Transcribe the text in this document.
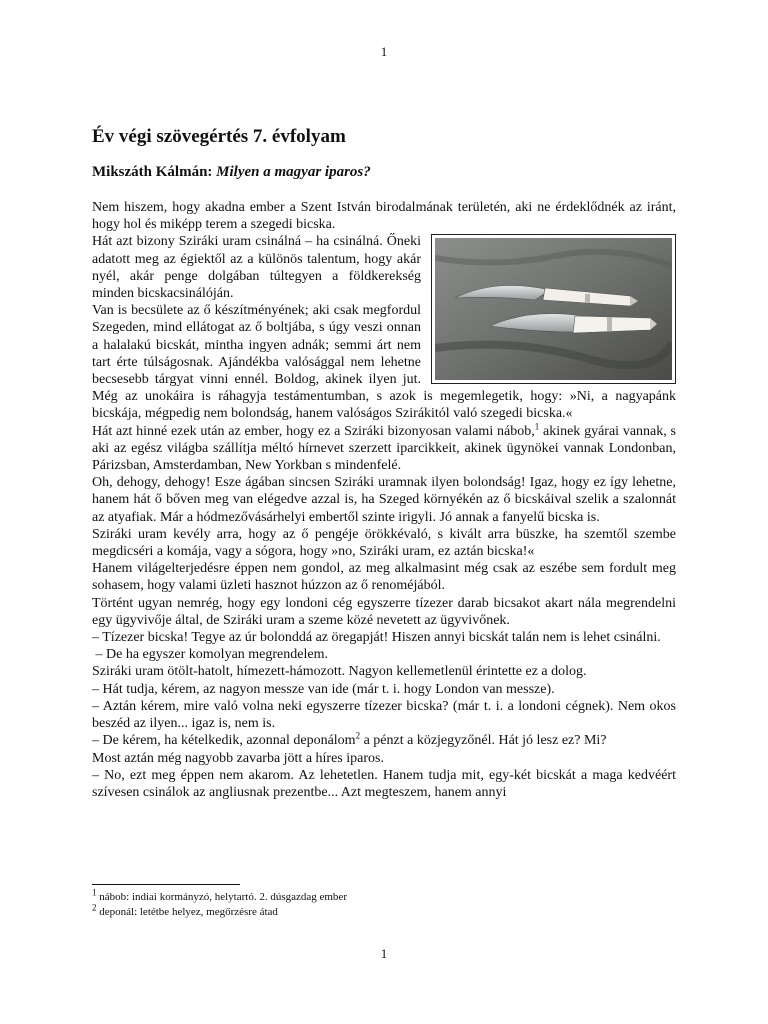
1
Év végi szövegértés 7. évfolyam
Mikszáth Kálmán: Milyen a magyar iparos?

Nem hiszem, hogy akadna ember a Szent István birodalmának területén, aki ne érdeklődnék az iránt, hogy hol és miképp terem a szegedi bicska.

Hát azt bizony Sziráki uram csinálná – ha csinálná. Őneki adatott meg az égiektől az a különös talentum, hogy akár nyél, akár penge dolgában túltegyen a földkerekség minden bicskacsinálóján.

Van is becsülete az ő készítményének; aki csak megfordul Szegeden, mind ellátogat az ő boltjába, s úgy veszi onnan a halalakú bicskát, mintha ingyen adnák; semmi árt nem tart érte túlságosnak. Ajándékba valósággal nem lehetne becsesebb tárgyat vinni ennél. Boldog, akinek ilyen jut. Még az unokáira is ráhagyja testámentumban, s azok is megemlegetik, hogy: »Ni, a nagyapánk bicskája, mégpedig nem bolondság, hanem valóságos Szirákitól való szegedi bicska.«

Hát azt hinné ezek után az ember, hogy ez a Sziráki bizonyosan valami nábob,$^1$ akinek gyárai vannak, s aki az egész világba szállítja méltó hírnevet szerzett iparcikkeit, akinek ügynökei vannak Londonban, Párizsban, Amsterdamban, New Yorkban s mindenfelé.

Oh, dehogy, dehogy! Esze ágában sincsen Sziráki uramnak ilyen bolondság! Igaz, hogy ez így lehetne, hanem hát ő bőven meg van elégedve azzal is, ha Szeged környékén az ő bicskáival szelik a szalonnát az atyafiak. Már a hódmezővásárhelyi embertől szinte irigyli. Jó annak a fanyelű bicska is.

Sziráki uram kevély arra, hogy az ő pengéje örökkévaló, s kivált arra büszke, ha szemtől szembe megdicséri a komája, vagy a sógora, hogy »no, Sziráki uram, ez aztán bicska!«

Hanem világelterjedésre éppen nem gondol, az meg alkalmasint még csak az eszébe sem fordult meg sohasem, hogy valami üzleti hasznot húzzon az ő renoméjából.

Történt ugyan nemrég, hogy egy londoni cég egyszerre tízezer darab bicsakot akart nála megrendelni egy ügyvivője által, de Sziráki uram a szeme közé nevetett az ügyvivőnek.

– Tízezer bicska! Tegye az úr bolonddá az öregapját! Hiszen annyi bicskát talán nem is lehet csinálni.

– De ha egyszer komolyan megrendelem.

Sziráki uram ötölt-hatolt, hímezett-hámozott. Nagyon kellemetlenül érintette ez a dolog.

– Hát tudja, kérem, az nagyon messze van ide (már t. i. hogy London van messze).

– Aztán kérem, mire való volna neki egyszerre tízezer bicska? (már t. i. a londoni cégnek). Nem okos beszéd az ilyen... igaz is, nem is.

– De kérem, ha kételkedik, azonnal deponálom$^2$ a pénzt a közjegyzőnél. Hát jó lesz ez? Mi?

Most aztán még nagyobb zavarba jött a híres iparos.

– No, ezt meg éppen nem akarom. Az lehetetlen. Hanem tudja mit, egy-két bicskát a maga kedvéért szívesen csinálok az angliusnak prezentbe... Azt megteszem, hanem annyi

$^1$ nábob: indiai kormányzó, helytartó. 2. dúsgazdag ember
$^2$ deponál: letétbe helyez, megőrzésre átad
1
